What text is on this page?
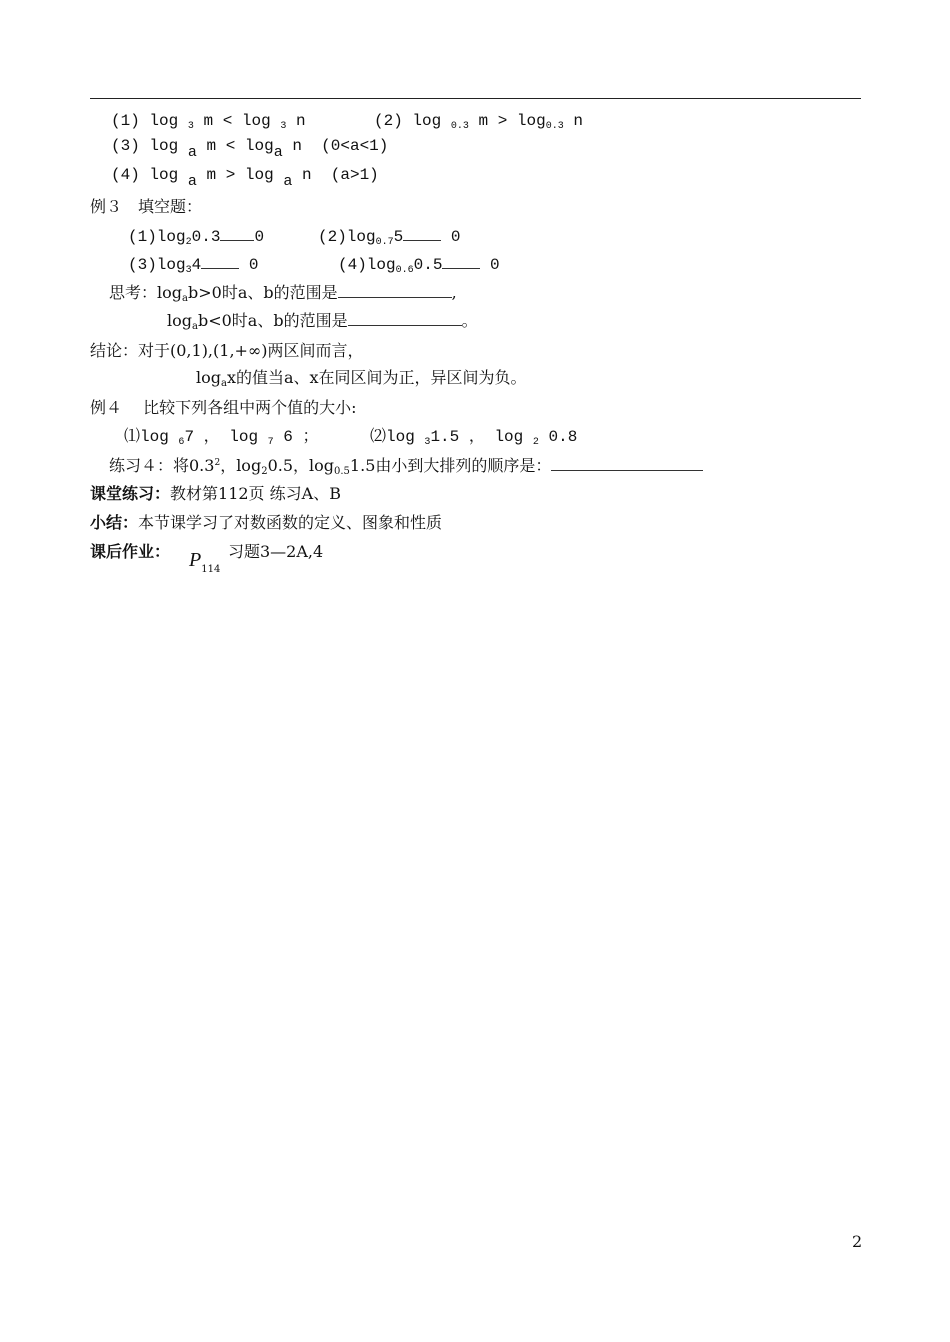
(1) log 3 m < log 3 n	(2) log 0.3 m > log0.3 n
(3) log a m < loga n (0<a<1)
(4) log a m > log a n (a>1)
例３　填空题：
(1)log20.3 0	(2)log0.75 0
(3)log34 0	(4)log0.60.5 0
思考：logab>0时a、b的范围是	,
logab<0时a、b的范围是	。
结论：对于(0,1),(1,+∞)两区间而言，
logax的值当a、x在同区间为正，异区间为负。
例４　 比较下列各组中两个值的大小:
⑴log 67 ， log 7 6 ；	⑵log 31.5 ， log 2 0.8
练习４：将$0.3^2$，log20.5，log0.51.5由小到大排列的顺序是：
课堂练习：教材第112页 练习A、B
小结：本节课学习了对数函数的定义、图象和性质
课后作业： $P_{114}$
习题3—2A,4
2
